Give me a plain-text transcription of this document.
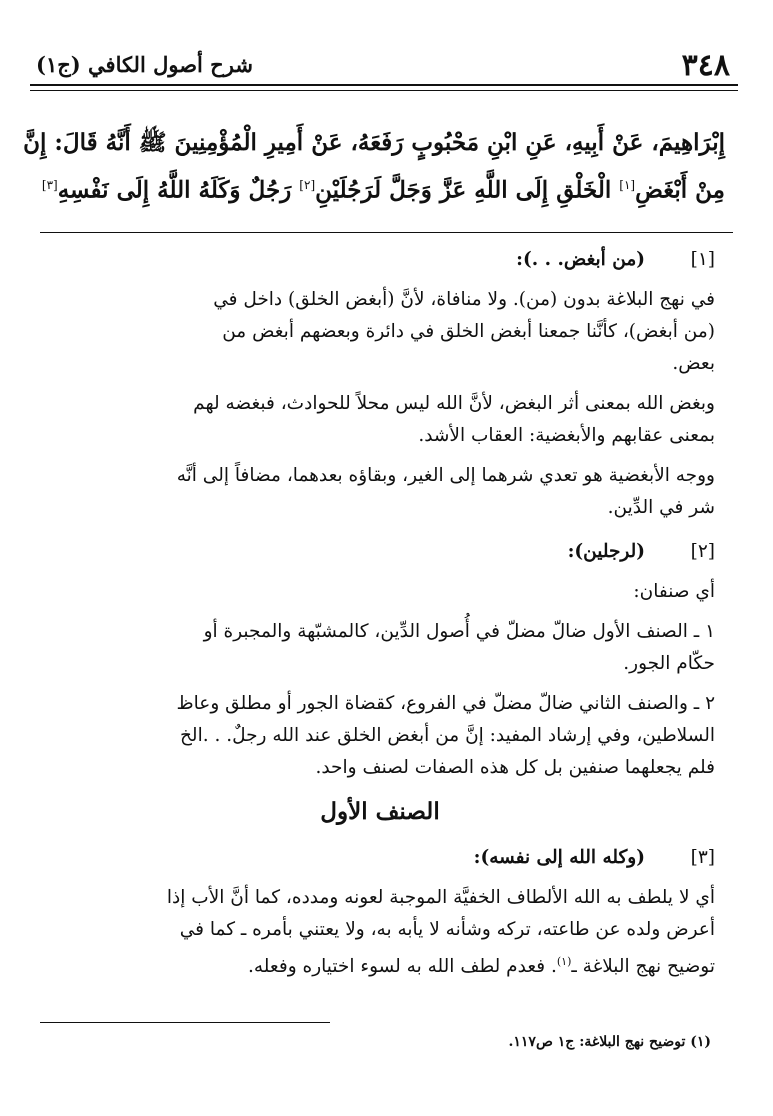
٣٤٨
شرح أصول الكافي (ج١)
إِبْرَاهِيمَ، عَنْ أَبِيهِ، عَنِ ابْنِ مَحْبُوبٍ رَفَعَهُ، عَنْ أَمِيرِ الْمُؤْمِنِينَ ﷺ أَنَّهُ قَالَ: إِنَّ
مِنْ أَبْغَضِ[١] الْخَلْقِ إِلَى اللَّهِ عَزَّ وَجَلَّ لَرَجُلَيْنِ[٢] رَجُلٌ وَكَلَهُ اللَّهُ إِلَى نَفْسِهِ[٣]
[١]
(من أبغض. . .):
في نهج البلاغة بدون (من). ولا منافاة، لأنَّ (أبغض الخلق) داخل في
(من أبغض)، كأنَّنا جمعنا أبغض الخلق في دائرة وبعضهم أبغض من
بعض.
وبغض الله بمعنى أثر البغض، لأنَّ الله ليس محلاً للحوادث، فبغضه لهم
بمعنى عقابهم والأبغضية: العقاب الأشد.
ووجه الأبغضية هو تعدي شرهما إلى الغير، وبقاؤه بعدهما، مضافاً إلى أنَّه
شر في الدِّين.
[٢]
(لرجلين):
أي صنفان:
١ ـ الصنف الأول ضالّ مضلّ في أُصول الدِّين، كالمشبّهة والمجبرة أو
حكّام الجور.
٢ ـ والصنف الثاني ضالّ مضلّ في الفروع، كقضاة الجور أو مطلق وعاظ
السلاطين، وفي إرشاد المفيد: إنَّ من أبغض الخلق عند الله رجلٌ. . .الخ
فلم يجعلهما صنفين بل كل هذه الصفات لصنف واحد.
الصنف الأول
[٣]
(وكله الله إلى نفسه):
أي لا يلطف به الله الألطاف الخفيَّة الموجبة لعونه ومدده، كما أنَّ الأب إذا
أعرض ولده عن طاعته، تركه وشأنه لا يأبه به، ولا يعتني بأمره ـ كما في
توضيح نهج البلاغة ـ$^{(١)}$. فعدم لطف الله به لسوء اختياره وفعله.
(١) توضيح نهج البلاغة: ج١ ص١١٧.
